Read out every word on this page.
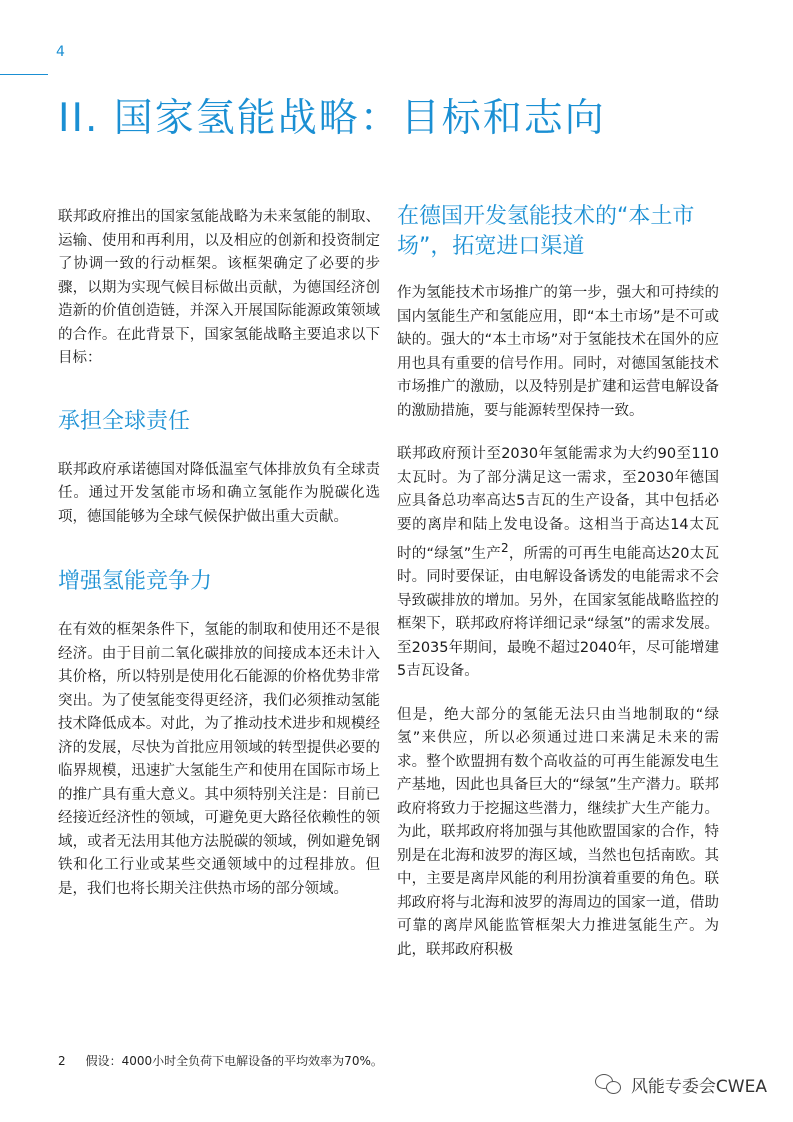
4
II. 国家氢能战略：目标和志向

联邦政府推出的国家氢能战略为未来氢能的制取、运输、使用和再利用，以及相应的创新和投资制定了协调一致的行动框架。该框架确定了必要的步骤，以期为实现气候目标做出贡献，为德国经济创造新的价值创造链，并深入开展国际能源政策领域的合作。在此背景下，国家氢能战略主要追求以下目标：

承担全球责任

联邦政府承诺德国对降低温室气体排放负有全球责任。通过开发氢能市场和确立氢能作为脱碳化选项，德国能够为全球气候保护做出重大贡献。

增强氢能竞争力

在有效的框架条件下，氢能的制取和使用还不是很经济。由于目前二氧化碳排放的间接成本还未计入其价格，所以特别是使用化石能源的价格优势非常突出。为了使氢能变得更经济，我们必须推动氢能技术降低成本。对此，为了推动技术进步和规模经济的发展，尽快为首批应用领域的转型提供必要的临界规模，迅速扩大氢能生产和使用在国际市场上的推广具有重大意义。其中须特别关注是：目前已经接近经济性的领域，可避免更大路径依赖性的领域，或者无法用其他方法脱碳的领域，例如避免钢铁和化工行业或某些交通领域中的过程排放。但是，我们也将长期关注供热市场的部分领域。

在德国开发氢能技术的“本土市场”，拓宽进口渠道

作为氢能技术市场推广的第一步，强大和可持续的国内氢能生产和氢能应用，即“本土市场”是不可或缺的。强大的“本土市场”对于氢能技术在国外的应用也具有重要的信号作用。同时，对德国氢能技术市场推广的激励，以及特别是扩建和运营电解设备的激励措施，要与能源转型保持一致。

联邦政府预计至2030年氢能需求为大约90至110太瓦时。为了部分满足这一需求，至2030年德国应具备总功率高达5吉瓦的生产设备，其中包括必要的离岸和陆上发电设备。这相当于高达14太瓦时的“绿氢”生产$^2$，所需的可再生电能高达20太瓦时。同时要保证，由电解设备诱发的电能需求不会导致碳排放的增加。另外，在国家氢能战略监控的框架下，联邦政府将详细记录“绿氢”的需求发展。至2035年期间，最晚不超过2040年，尽可能增建5吉瓦设备。

但是，绝大部分的氢能无法只由当地制取的“绿氢”来供应，所以必须通过进口来满足未来的需求。整个欧盟拥有数个高收益的可再生能源发电生产基地，因此也具备巨大的“绿氢”生产潜力。联邦政府将致力于挖掘这些潜力，继续扩大生产能力。为此，联邦政府将加强与其他欧盟国家的合作，特别是在北海和波罗的海区域，当然也包括南欧。其中，主要是离岸风能的利用扮演着重要的角色。联邦政府将与北海和波罗的海周边的国家一道，借助可靠的离岸风能监管框架大力推进氢能生产。为此，联邦政府积极

2 假设：4000小时全负荷下电解设备的平均效率为70%。
风能专委会CWEA
